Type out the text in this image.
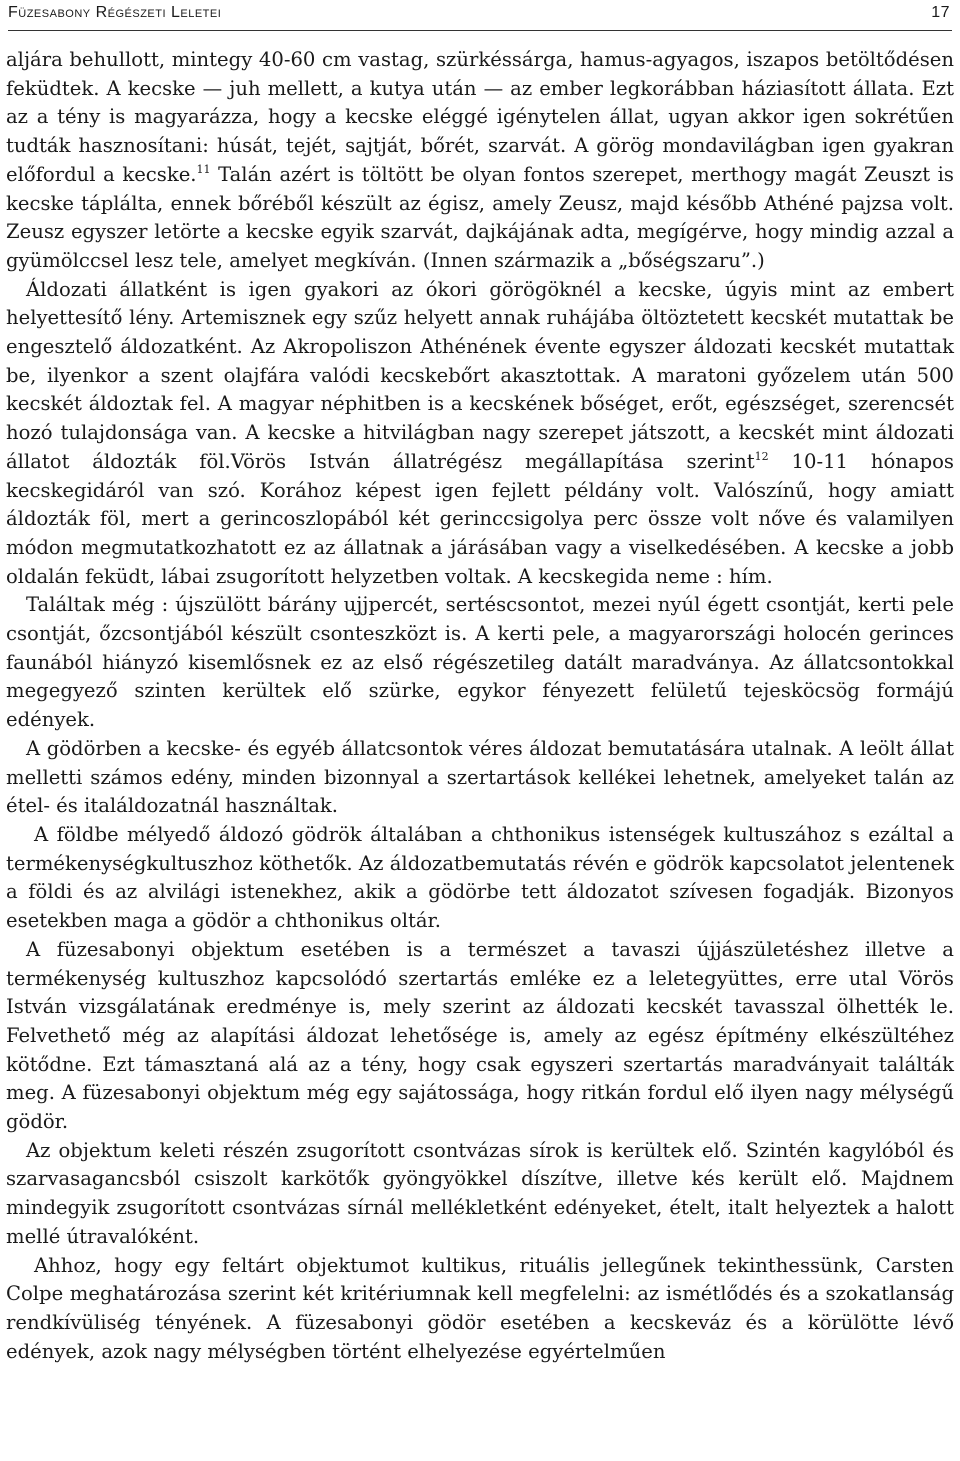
Füzesabony Régészeti Leletei	17

aljára behullott, mintegy 40-60 cm vastag, szürkéssárga, hamus-agyagos, iszapos betöltődésen feküdtek. A kecske — juh mellett, a kutya után — az ember legkorábban háziasított állata. Ezt az a tény is magyarázza, hogy a kecske eléggé igénytelen állat, ugyan akkor igen sokrétűen tudták hasznosítani: húsát, tejét, sajtját, bőrét, szarvát. A görög mondavilágban igen gyakran előfordul a kecske.$^{11}$ Talán azért is töltött be olyan fontos szerepet, merthogy magát Zeuszt is kecske táplálta, ennek bőréből készült az égisz, amely Zeusz, majd később Athéné pajzsa volt. Zeusz egyszer letörte a kecske egyik szarvát, dajkájának adta, megígérve, hogy mindig azzal a gyümölccsel lesz tele, amelyet megkíván. (Innen származik a „bőségszaru”.)

Áldozati állatként is igen gyakori az ókori görögöknél a kecske, úgyis mint az embert helyettesítő lény. Artemisznek egy szűz helyett annak ruhájába öltöztetett kecskét mutattak be engesztelő áldozatként. Az Akropoliszon Athénének évente egyszer áldozati kecskét mutattak be, ilyenkor a szent olajfára valódi kecskebőrt akasztottak. A maratoni győzelem után 500 kecskét áldoztak fel. A magyar néphitben is a kecskének bőséget, erőt, egészséget, szerencsét hozó tulajdonsága van. A kecske a hitvilágban nagy szerepet játszott, a kecskét mint áldozati állatot áldozták föl.Vörös István állatrégész megállapítása szerint$^{12}$ 10-11 hónapos kecskegidáról van szó. Korához képest igen fejlett példány volt. Valószínű, hogy amiatt áldozták föl, mert a gerincoszlopából két gerinccsigolya perc össze volt nőve és valamilyen módon megmutatkozhatott ez az állatnak a járásában vagy a viselkedésében. A kecske a jobb oldalán feküdt, lábai zsugorított helyzetben voltak. A kecskegida neme : hím.

Találtak még : újszülött bárány ujjpercét, sertéscsontot, mezei nyúl égett csontját, kerti pele csontját, őzcsontjából készült csonteszközt is. A kerti pele, a magyarországi holocén gerinces faunából hiányzó kisemlősnek ez az első régészetileg datált maradványa. Az állatcsontokkal megegyező szinten kerültek elő szürke, egykor fényezett felületű tejesköcsög formájú edények.

A gödörben a kecske- és egyéb állatcsontok véres áldozat bemutatására utalnak. A leölt állat melletti számos edény, minden bizonnyal a szertartások kellékei lehetnek, amelyeket talán az étel- és italáldozatnál használtak.

A földbe mélyedő áldozó gödrök általában a chthonikus istenségek kultuszához s ezáltal a termékenységkultuszhoz köthetők. Az áldozatbemutatás révén e gödrök kapcsolatot jelentenek a földi és az alvilági istenekhez, akik a gödörbe tett áldozatot szívesen fogadják. Bizonyos esetekben maga a gödör a chthonikus oltár.

A füzesabonyi objektum esetében is a természet a tavaszi újjászületéshez illetve a termékenység kultuszhoz kapcsolódó szertartás emléke ez a leletegyüttes, erre utal Vörös István vizsgálatának eredménye is, mely szerint az áldozati kecskét tavasszal ölhették le. Felvethető még az alapítási áldozat lehetősége is, amely az egész építmény elkészültéhez kötődne. Ezt támasztaná alá az a tény, hogy csak egyszeri szertartás maradványait találták meg. A füzesabonyi objektum még egy sajátossága, hogy ritkán fordul elő ilyen nagy mélységű gödör.

Az objektum keleti részén zsugorított csontvázas sírok is kerültek elő. Szintén kagylóból és szarvasagancsból csiszolt karkötők gyöngyökkel díszítve, illetve kés került elő. Majdnem mindegyik zsugorított csontvázas sírnál mellékletként edényeket, ételt, italt helyeztek a halott mellé útravalóként.

Ahhoz, hogy egy feltárt objektumot kultikus, rituális jellegűnek tekinthessünk, Carsten Colpe meghatározása szerint két kritériumnak kell megfelelni: az ismétlődés és a szokatlanság rendkívüliség tényének. A füzesabonyi gödör esetében a kecskeváz és a körülötte lévő edények, azok nagy mélységben történt elhelyezése egyértelműen
